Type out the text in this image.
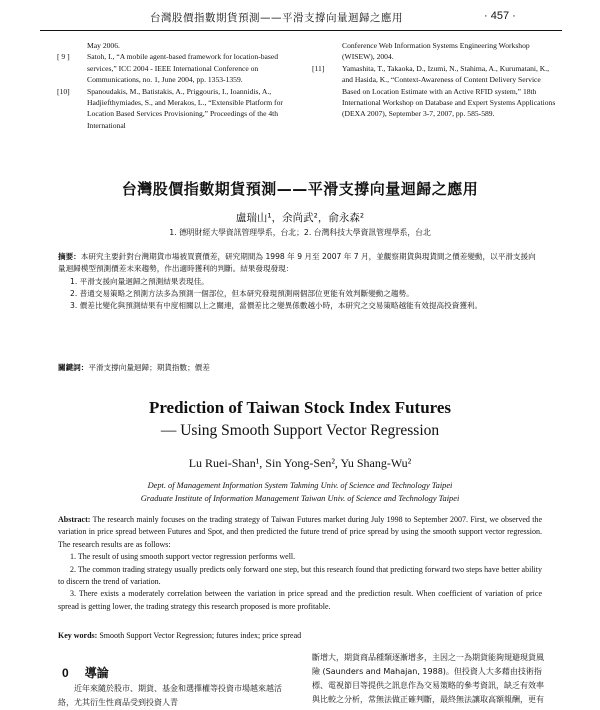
台灣股價指數期貨預測——平滑支撐向量迴歸之應用	· 457 ·
May 2006.
[ 9 ] Satoh, I., “A mobile agent-based framework for location-based services,” ICC 2004 - IEEE International Conference on Communications, no. 1, June 2004, pp. 1353-1359.
[10] Spanoudakis, M., Batistakis, A., Priggouris, I., Ioannidis, A., Hadjiefthymiades, S., and Merakos, L., “Extensible Platform for Location Based Services Provisioning,” Proceedings of the 4th International
Conference Web Information Systems Engineering Workshop (WISEW), 2004.
[11] Yamashita, T., Takaoka, D., Izumi, N., Stahima, A., Kurumatani, K., and Hasida, K., “Context-Awareness of Content Delivery Service Based on Location Estimate with an Active RFID system,” 18th International Workshop on Database and Expert Systems Applications (DEXA 2007), September 3-7, 2007, pp. 585-589.
台灣股價指數期貨預測——平滑支撐向量迴歸之應用
盧瑞山¹，余尚武²，俞永森²
1. 德明財經大學資訊管理學系，台北；2. 台灣科技大學資訊管理學系，台北
摘要：本研究主要針對台灣期貨市場被買賣價差，研究期間為 1998 年 9 月至 2007 年 7 月，並觀察期貨與現貨間之價差變動，以平滑支援向量迴歸模型預測價差未來趨勢，作出適時獲利的判斷。結果發現發現：
1. 平滑支援向量迴歸之預測結果表現佳。
2. 普通交易策略之預測方法多為預測一個部位，但本研究發現預測兩個部位更能有效判斷變動之趨勢。
3. 價差比變化與預測結果有中度相關以上之關連，當價差比之變異係數越小時，本研究之交易策略越能有效提高投資獲利。
關鍵詞：平滑支撐向量迴歸；期貨指數；價差
Prediction of Taiwan Stock Index Futures
— Using Smooth Support Vector Regression
Lu Ruei-Shan¹, Sin Yong-Sen², Yu Shang-Wu²
Dept. of Management Information System Takming Univ. of Science and Technology Taipei
Graduate Institute of Information Management Taiwan Univ. of Science and Technology Taipei
Abstract: The research mainly focuses on the trading strategy of Taiwan Futures market during July 1998 to September 2007. First, we observed the variation in price spread between Futures and Spot, and then predicted the future trend of price spread by using the smooth support vector regression. The research results are as follows:
1. The result of using smooth support vector regression performs well.
2. The common trading strategy usually predicts only forward one step, but this research found that predicting forward two steps have better ability to discern the trend of variation.
3. There exists a moderately correlation between the variation in price spread and the prediction result. When coefficient of variation of price spread is getting lower, the trading strategy this research proposed is more profitable.
Key words: Smooth Support Vector Regression; futures index; price spread
0 導論
近年來隨於股市、期貨、基金和選擇權等投資市場越來越活絡，尤其衍生性商品受到投資人青
斷增大，期貨商品種類逐漸增多，主因之一為期貨能夠規避現貨風險 (Saunders and Mahajan, 1988)。但投資人大多藉由技術指標、電視節目等提供之訊息作為交易策略的參考資訊，缺乏有效率與比較之分析，常無法做正確判斷，最終無法讓取高額報酬，更有
